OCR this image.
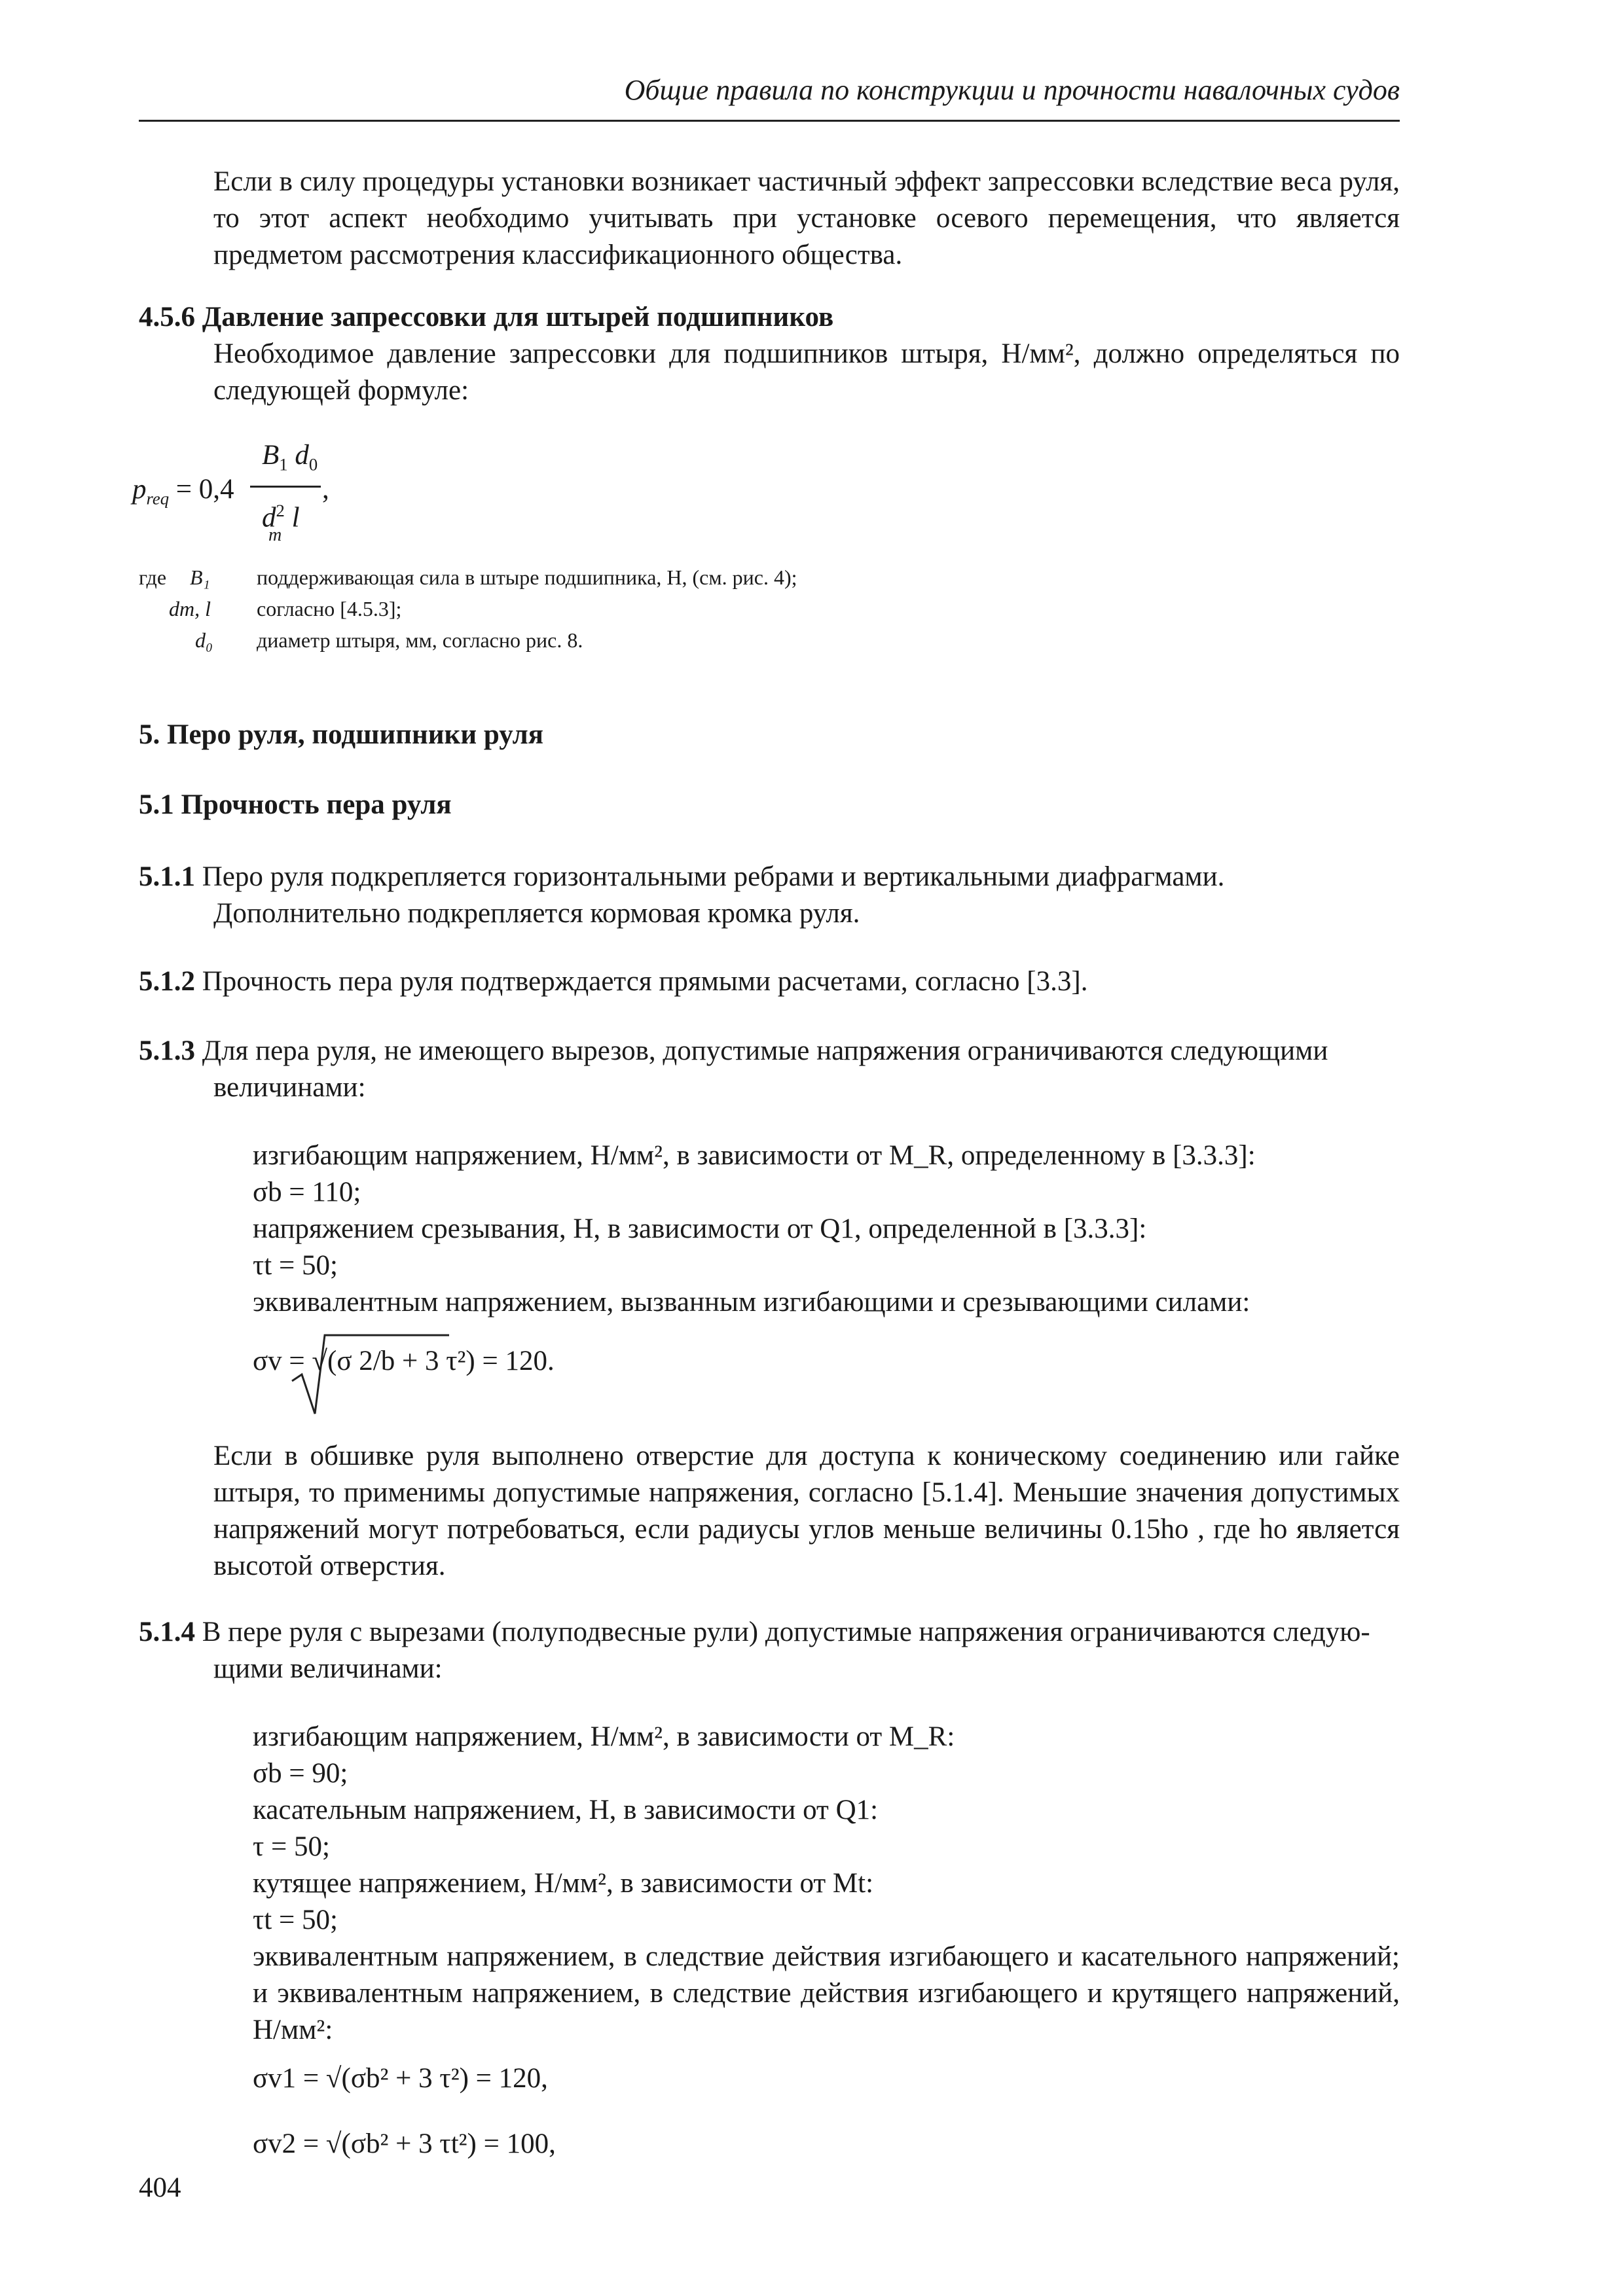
Общие правила по конструкции и прочности навалочных судов
Если в силу процедуры установки возникает частичный эффект запрессовки вследствие веса руля, то этот аспект необходимо учитывать при установке осевого перемещения, что является предметом рассмотрения классификационного общества.
4.5.6 Давление запрессовки для штырей подшипников
Необходимое давление запрессовки для подшипников штыря, Н/мм², должно определяться по следующей формуле:
$p_{req} = 0,4$
$B_1$ $d_0$
$d^2$ l
m
,
где B₁ поддерживающая сила в штыре подшипника, Н, (см. рис. 4);
dm, l согласно [4.5.3];
d₀ диаметр штыря, мм, согласно рис. 8.
5. Перо руля, подшипники руля
5.1 Прочность пера руля
5.1.1 Перо руля подкрепляется горизонтальными ребрами и вертикальными диафрагмами.
Дополнительно подкрепляется кормовая кромка руля.
5.1.2 Прочность пера руля подтверждается прямыми расчетами, согласно [3.3].
5.1.3 Для пера руля, не имеющего вырезов, допустимые напряжения ограничиваются следующими
величинами:
изгибающим напряжением, Н/мм², в зависимости от M_R, определенному в [3.3.3]:
σb = 110;
напряжением срезывания, Н, в зависимости от Q1, определенной в [3.3.3]:
τt = 50;
эквивалентным напряжением, вызванным изгибающими и срезывающими силами:
σv = √(σ 2/b + 3 τ²) = 120.
Если в обшивке руля выполнено отверстие для доступа к коническому соединению или гайке штыря, то применимы допустимые напряжения, согласно [5.1.4]. Меньшие значения допустимых напряжений могут потребоваться, если радиусы углов меньше величины 0.15ho , где ho является высотой отверстия.
5.1.4 В пере руля с вырезами (полуподвесные рули) допустимые напряжения ограничиваются следую-
щими величинами:
изгибающим напряжением, Н/мм², в зависимости от M_R:
σb = 90;
касательным напряжением, Н, в зависимости от Q1:
τ = 50;
кутящее напряжением, Н/мм², в зависимости от Mt:
τt = 50;
эквивалентным напряжением, в следствие действия изгибающего и касательного напряжений; и эквивалентным напряжением, в следствие действия изгибающего и крутящего напряжений, Н/мм²:
σv1 = √(σb² + 3 τ²) = 120,
σv2 = √(σb² + 3 τt²) = 100,
404
